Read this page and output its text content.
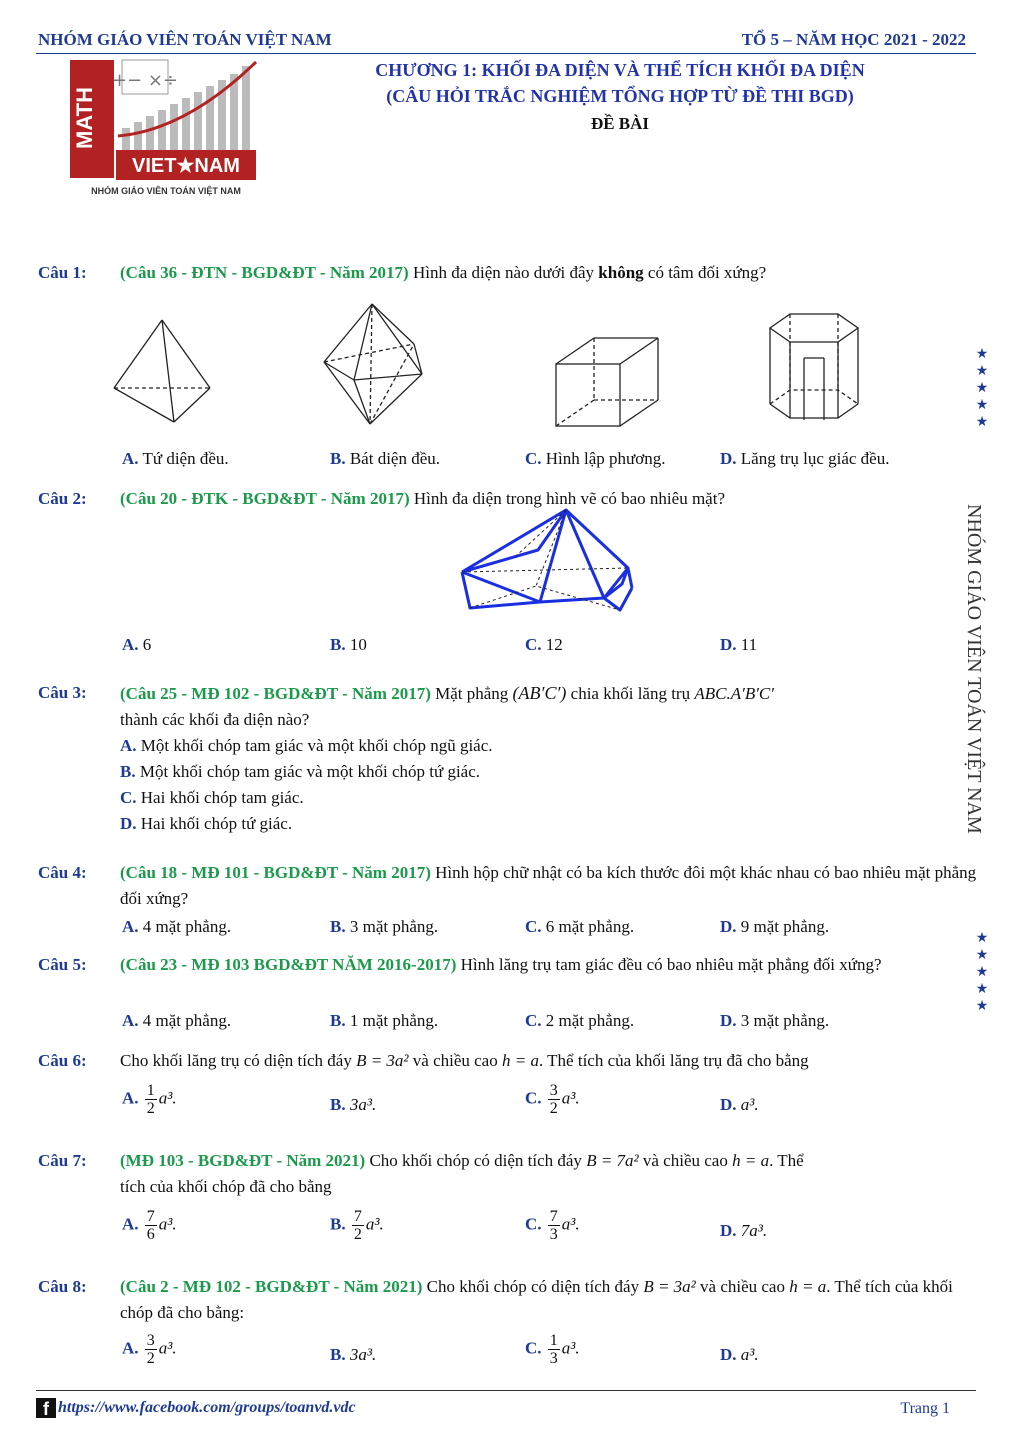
NHÓM GIÁO VIÊN TOÁN VIỆT NAM	TỔ 5 – NĂM HỌC 2021 - 2022
MATH
+− ×÷
VIET★NAM
NHÓM GIÁO VIÊN TOÁN VIỆT NAM
CHƯƠNG 1: KHỐI ĐA DIỆN VÀ THỂ TÍCH KHỐI ĐA DIỆN
(CÂU HỎI TRẮC NGHIỆM TỔNG HỢP TỪ ĐỀ THI BGD)
ĐỀ BÀI
Câu 1: (Câu 36 - ĐTN - BGD&ĐT - Năm 2017) Hình đa diện nào dưới đây không có tâm đối xứng?
A. Tứ diện đều.	B. Bát diện đều.	C. Hình lập phương.	D. Lăng trụ lục giác đều.
Câu 2: (Câu 20 - ĐTK - BGD&ĐT - Năm 2017) Hình đa diện trong hình vẽ có bao nhiêu mặt?
A. 6	B. 10	C. 12	D. 11
Câu 3: (Câu 25 - MĐ 102 - BGD&ĐT - Năm 2017) Mặt phẳng (AB′C′) chia khối lăng trụ ABC.A′B′C′
thành các khối đa diện nào?
A. Một khối chóp tam giác và một khối chóp ngũ giác.
B. Một khối chóp tam giác và một khối chóp tứ giác.
C. Hai khối chóp tam giác.
D. Hai khối chóp tứ giác.
Câu 4: (Câu 18 - MĐ 101 - BGD&ĐT - Năm 2017) Hình hộp chữ nhật có ba kích thước đôi một khác nhau có bao nhiêu mặt phẳng đối xứng?
A. 4 mặt phẳng.	B. 3 mặt phẳng.	C. 6 mặt phẳng.	D. 9 mặt phẳng.
Câu 5: (Câu 23 - MĐ 103 BGD&ĐT NĂM 2016-2017) Hình lăng trụ tam giác đều có bao nhiêu mặt phẳng đối xứng?
A. 4 mặt phẳng.	B. 1 mặt phẳng.	C. 2 mặt phẳng.	D. 3 mặt phẳng.
Câu 6: Cho khối lăng trụ có diện tích đáy B = 3a² và chiều cao h = a. Thể tích của khối lăng trụ đã cho bằng
A. $\frac{1}{2} a^3$.	B. 3a³.	C. $\frac{3}{2} a^3$.	D. a³.
Câu 7: (MĐ 103 - BGD&ĐT - Năm 2021) Cho khối chóp có diện tích đáy B = 7a² và chiều cao h = a. Thể
tích của khối chóp đã cho bằng
A. $\frac{7}{6} a^3$.	B. $\frac{7}{2} a^3$.	C. $\frac{7}{3} a^3$.	D. 7a³.
Câu 8: (Câu 2 - MĐ 102 - BGD&ĐT - Năm 2021) Cho khối chóp có diện tích đáy B = 3a² và chiều cao h = a. Thể tích của khối chóp đã cho bằng:
A. $\frac{3}{2} a^3$.	B. 3a³.	C. $\frac{1}{3} a^3$.	D. a³.
★
★
★
★
★
NHÓM GIÁO VIÊN TOÁN VIỆT NAM
★
★
★
★
★
f https://www.facebook.com/groups/toanvd.vdc	Trang 1
